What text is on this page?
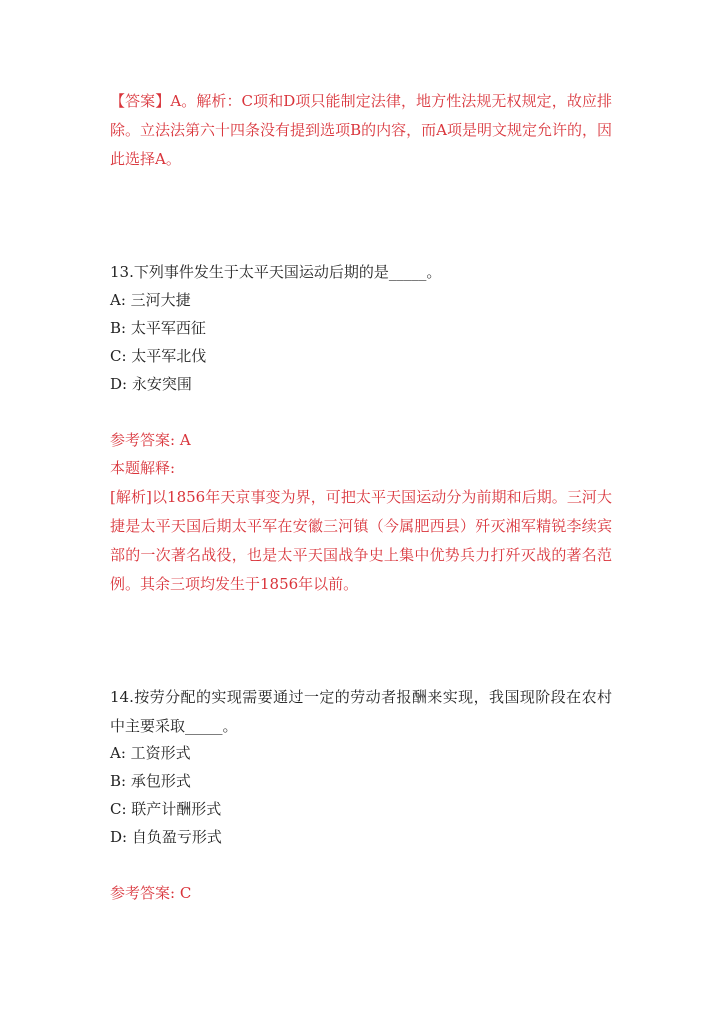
【答案】A。解析：C项和D项只能制定法律，地方性法规无权规定，故应排除。立法法第六十四条没有提到选项B的内容，而A项是明文规定允许的，因此选择A。
13.下列事件发生于太平天国运动后期的是_____。
A: 三河大捷
B: 太平军西征
C: 太平军北伐
D: 永安突围
参考答案: A
本题解释:
[解析]以1856年天京事变为界，可把太平天国运动分为前期和后期。三河大捷是太平天国后期太平军在安徽三河镇（今属肥西县）歼灭湘军精锐李续宾部的一次著名战役，也是太平天国战争史上集中优势兵力打歼灭战的著名范例。其余三项均发生于1856年以前。
14.按劳分配的实现需要通过一定的劳动者报酬来实现，我国现阶段在农村中主要采取_____。
A: 工资形式
B: 承包形式
C: 联产计酬形式
D: 自负盈亏形式
参考答案: C
